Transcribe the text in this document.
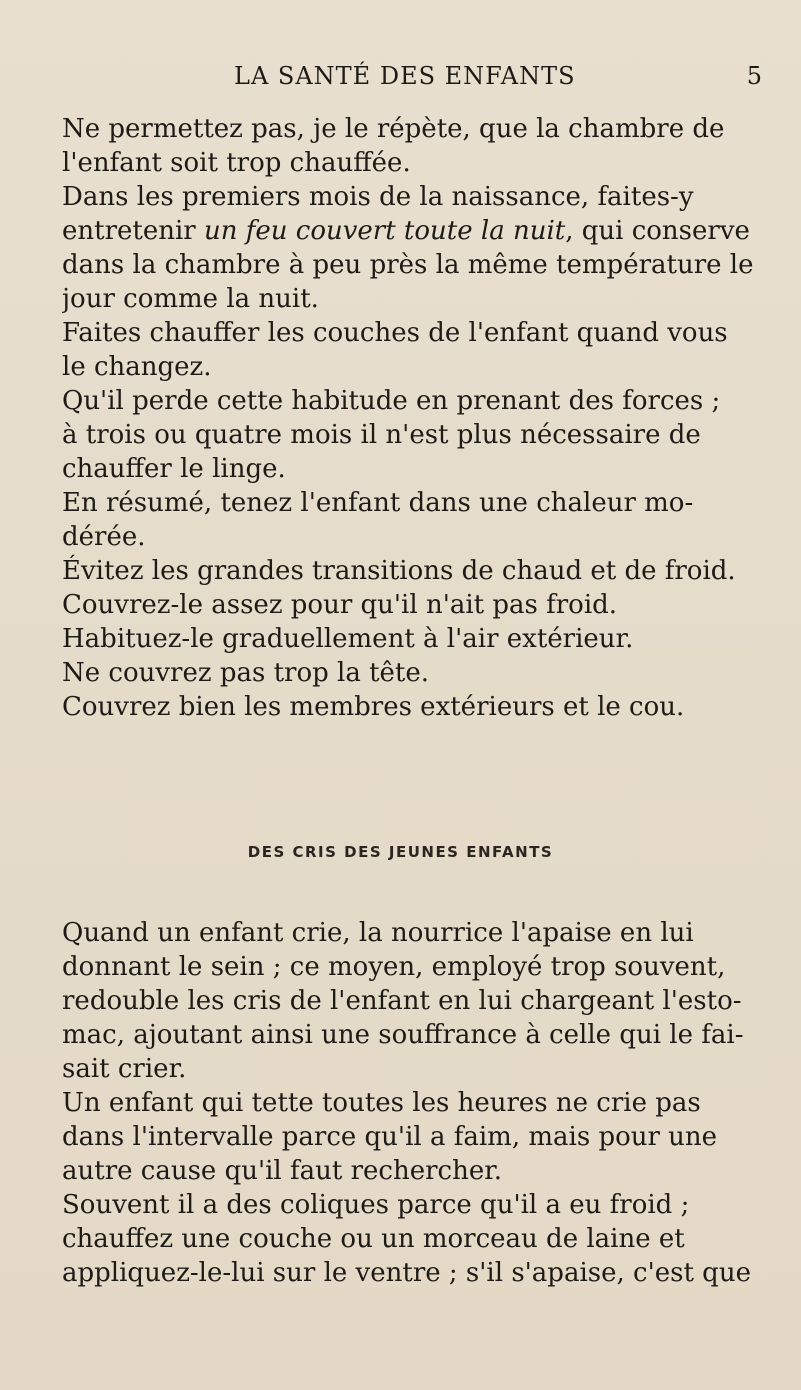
LA SANTÉ DES ENFANTS	5

Ne permettez pas, je le répète, que la chambre de
l'enfant soit trop chauffée.

Dans les premiers mois de la naissance, faites-y
entretenir un feu couvert toute la nuit, qui conserve
dans la chambre à peu près la même température le
jour comme la nuit.

Faites chauffer les couches de l'enfant quand vous
le changez.

Qu'il perde cette habitude en prenant des forces ;
à trois ou quatre mois il n'est plus nécessaire de
chauffer le linge.

En résumé, tenez l'enfant dans une chaleur mo-
dérée.

Évitez les grandes transitions de chaud et de froid.

Couvrez-le assez pour qu'il n'ait pas froid.

Habituez-le graduellement à l'air extérieur.

Ne couvrez pas trop la tête.

Couvrez bien les membres extérieurs et le cou.

DES CRIS DES JEUNES ENFANTS

Quand un enfant crie, la nourrice l'apaise en lui
donnant le sein ; ce moyen, employé trop souvent,
redouble les cris de l'enfant en lui chargeant l'esto-
mac, ajoutant ainsi une souffrance à celle qui le fai-
sait crier.

Un enfant qui tette toutes les heures ne crie pas
dans l'intervalle parce qu'il a faim, mais pour une
autre cause qu'il faut rechercher.

Souvent il a des coliques parce qu'il a eu froid ;
chauffez une couche ou un morceau de laine et
appliquez-le-lui sur le ventre ; s'il s'apaise, c'est que
